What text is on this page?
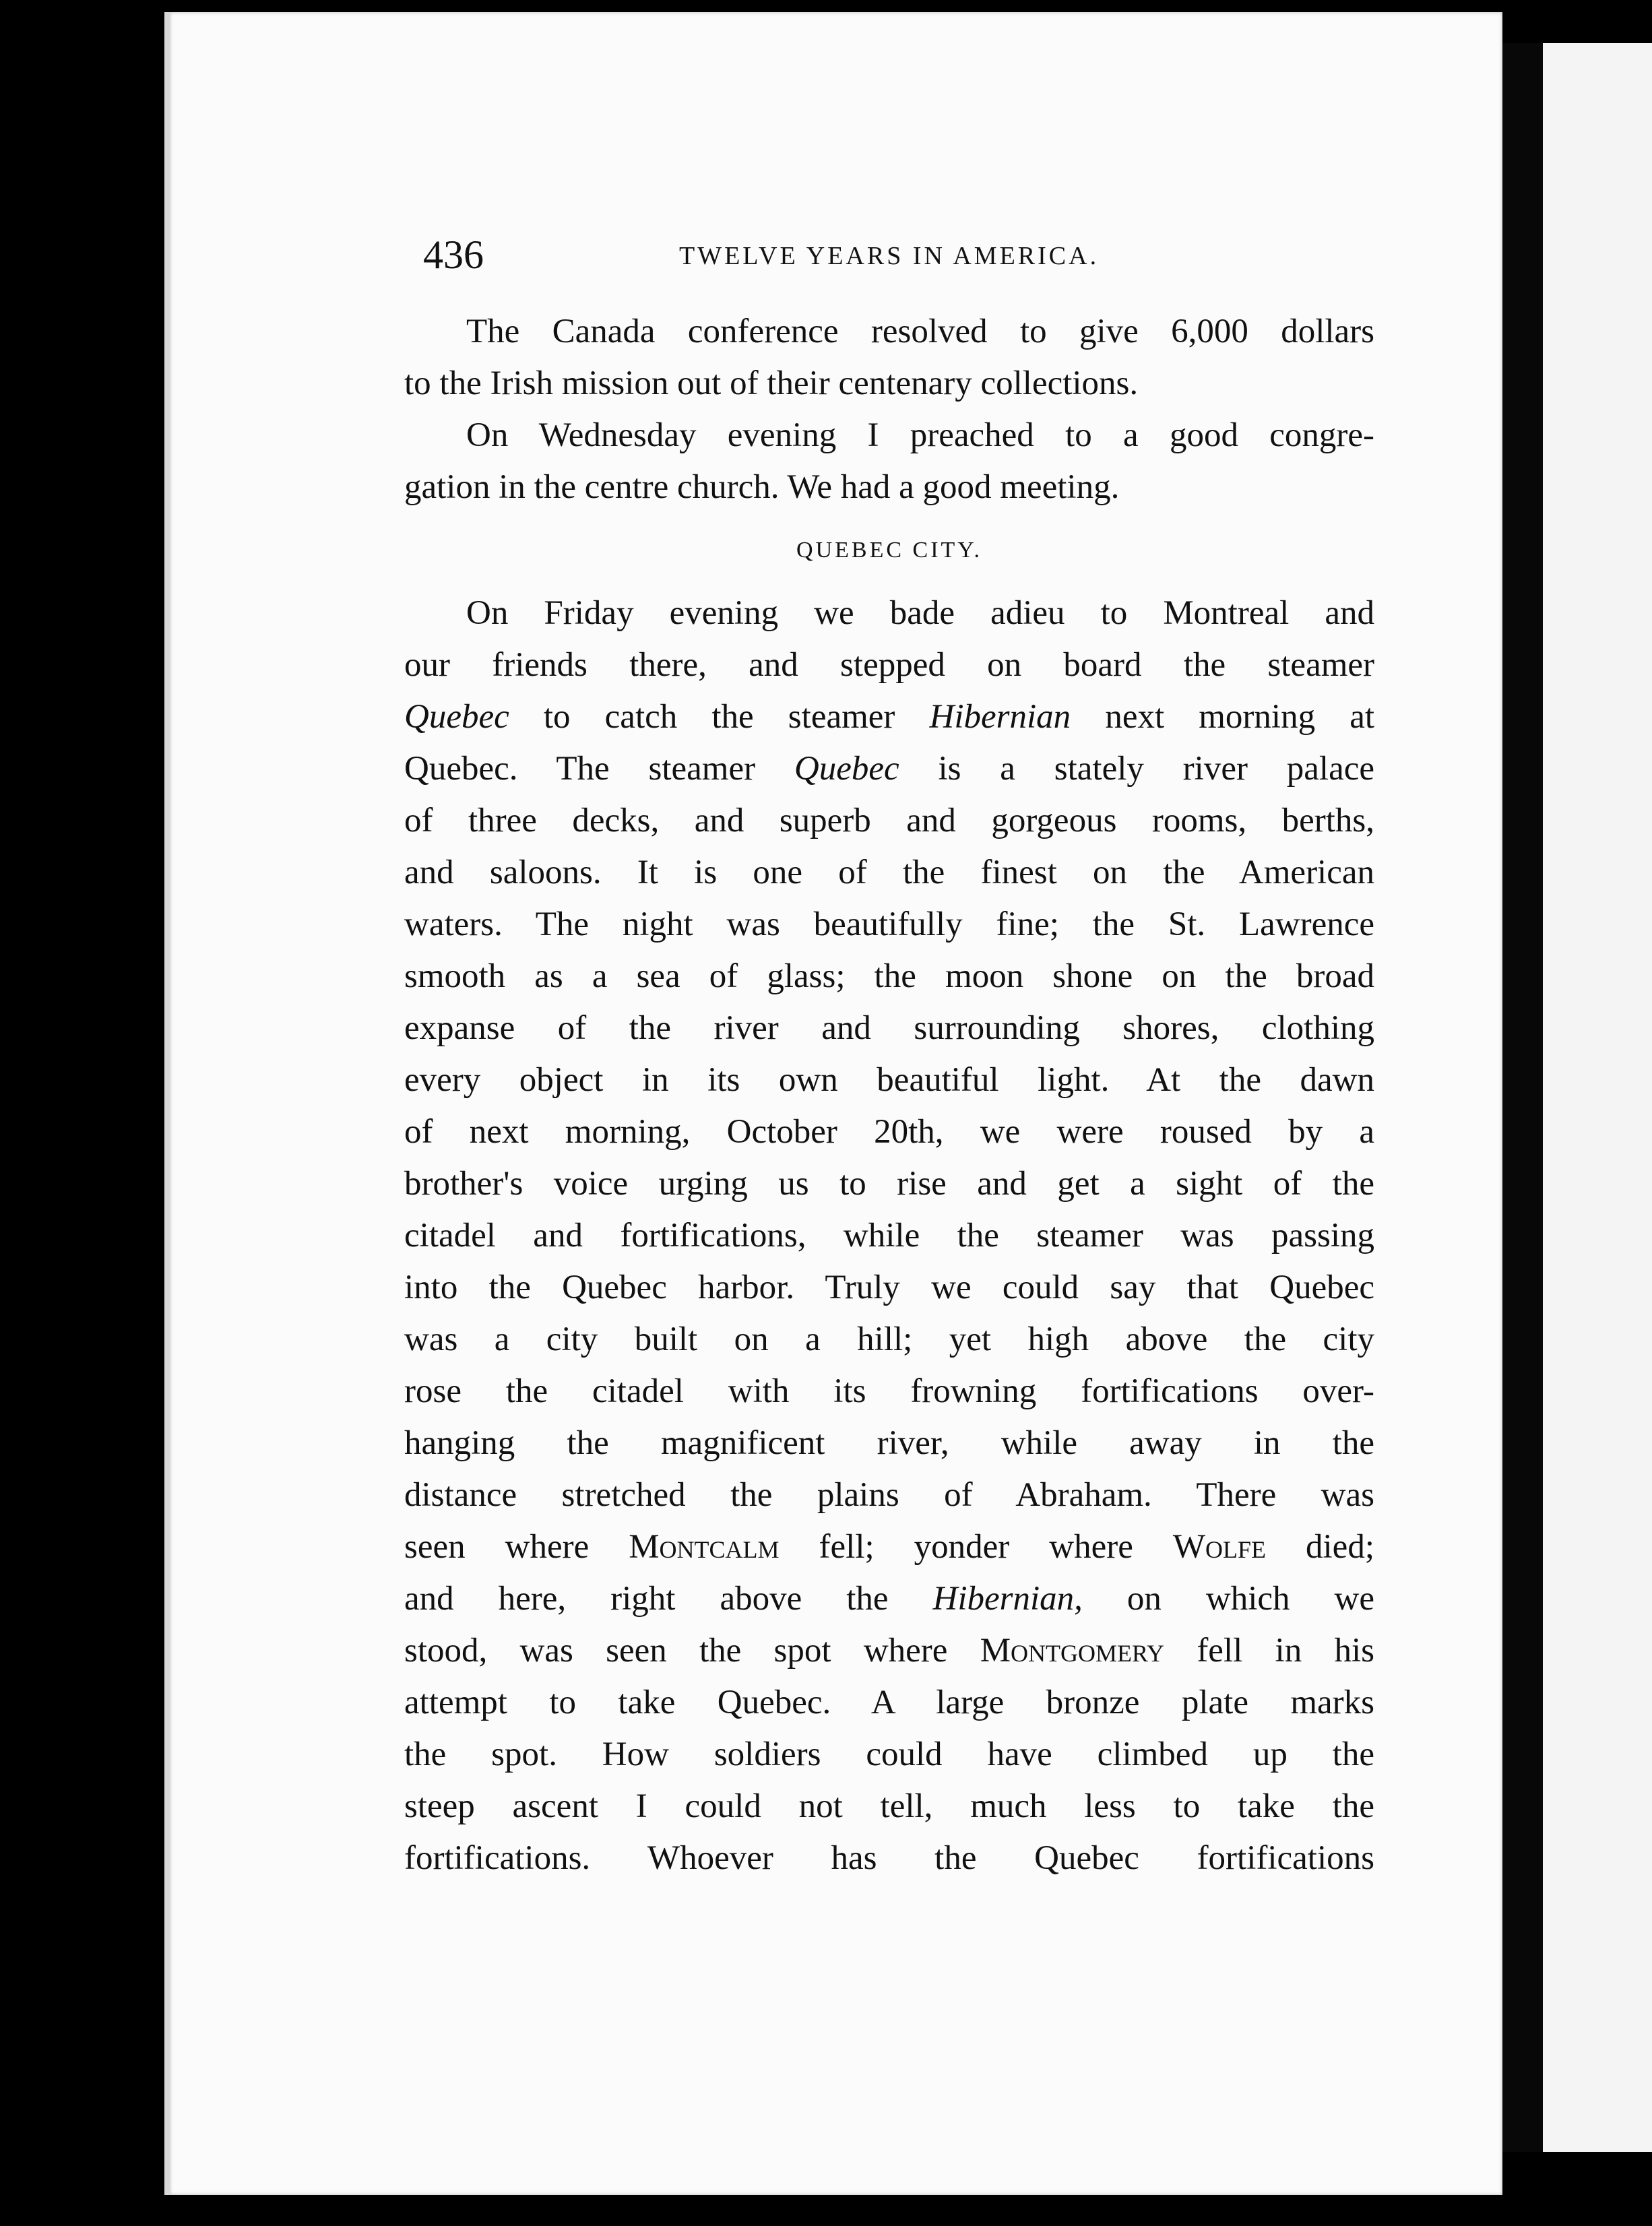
436	TWELVE YEARS IN AMERICA.
The Canada conference resolved to give 6,000 dollars
to the Irish mission out of their centenary collections.
On Wednesday evening I preached to a good congre-
gation in the centre church. We had a good meeting.
QUEBEC CITY.
On Friday evening we bade adieu to Montreal and
our friends there, and stepped on board the steamer
Quebec to catch the steamer Hibernian next morning at
Quebec. The steamer Quebec is a stately river palace
of three decks, and superb and gorgeous rooms, berths,
and saloons. It is one of the finest on the American
waters. The night was beautifully fine; the St. Lawrence
smooth as a sea of glass; the moon shone on the broad
expanse of the river and surrounding shores, clothing
every object in its own beautiful light. At the dawn
of next morning, October 20th, we were roused by a
brother's voice urging us to rise and get a sight of the
citadel and fortifications, while the steamer was passing
into the Quebec harbor. Truly we could say that Quebec
was a city built on a hill; yet high above the city
rose the citadel with its frowning fortifications over-
hanging the magnificent river, while away in the
distance stretched the plains of Abraham. There was
seen where Montcalm fell; yonder where Wolfe died;
and here, right above the Hibernian, on which we
stood, was seen the spot where Montgomery fell in his
attempt to take Quebec. A large bronze plate marks
the spot. How soldiers could have climbed up the
steep ascent I could not tell, much less to take the
fortifications. Whoever has the Quebec fortifications
